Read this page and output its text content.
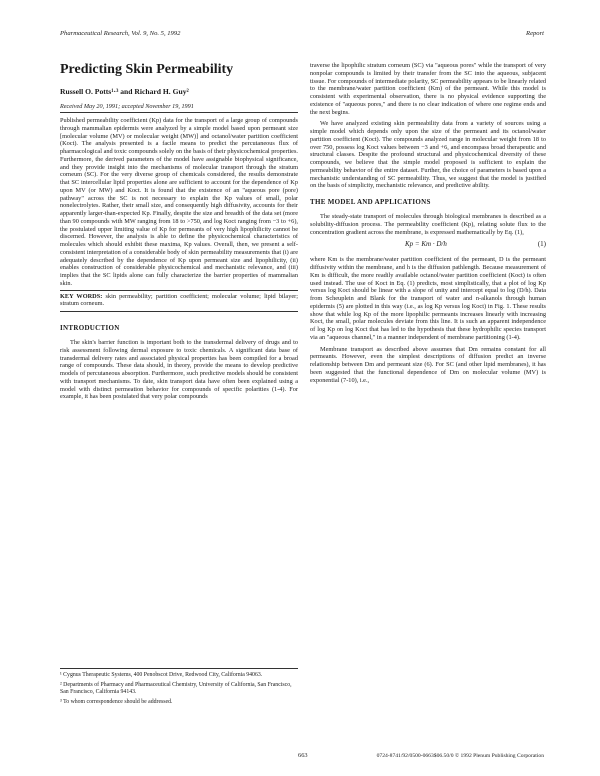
Pharmaceutical Research, Vol. 9, No. 5, 1992	Report
Predicting Skin Permeability
Russell O. Potts¹·³ and Richard H. Guy²
Received May 20, 1991; accepted November 19, 1991

Published permeability coefficient (Kp) data for the transport of a large group of compounds through mammalian epidermis were analyzed by a simple model based upon permeant size [molecular volume (MV) or molecular weight (MW)] and octanol/water partition coefficient (Koct). The analysis presented is a facile means to predict the percutaneous flux of pharmacological and toxic compounds solely on the basis of their physicochemical properties. Furthermore, the derived parameters of the model have assignable biophysical significance, and they provide insight into the mechanisms of molecular transport through the stratum corneum (SC). For the very diverse group of chemicals considered, the results demonstrate that SC intercellular lipid properties alone are sufficient to account for the dependence of Kp upon MV (or MW) and Koct. It is found that the existence of an "aqueous pore (pore) pathway" across the SC is not necessary to explain the Kp values of small, polar nonelectrolytes. Rather, their small size, and consequently high diffusivity, accounts for their apparently larger-than-expected Kp. Finally, despite the size and breadth of the data set (more than 90 compounds with MW ranging from 18 to >750, and log Koct ranging from −3 to +6), the postulated upper limiting value of Kp for permeants of very high lipophilicity cannot be discerned. However, the analysis is able to define the physicochemical characteristics of molecules which should exhibit these maxima, Kp values. Overall, then, we present a self-consistent interpretation of a considerable body of skin permeability measurements that (i) are adequately described by the dependence of Kp upon permeant size and lipophilicity, (ii) enables construction of considerable physicochemical and mechanistic relevance, and (iii) implies that the SC lipids alone can fully characterize the barrier properties of mammalian skin.

KEY WORDS: skin permeability; partition coefficient; molecular volume; lipid bilayer; stratum corneum.

INTRODUCTION

The skin's barrier function is important both to the transdermal delivery of drugs and to risk assessment following dermal exposure to toxic chemicals. A significant data base of transdermal delivery rates and associated physical properties has been compiled for a broad range of compounds. These data should, in theory, provide the means to develop predictive models of percutaneous absorption. Furthermore, such predictive models should be consistent with transport mechanisms. To date, skin transport data have often been explained using a model with distinct permeation behavior for compounds of specific polarities (1-4). For example, it has been postulated that very polar compounds

¹ Cygnus Therapeutic Systems, 400 Penobscot Drive, Redwood City, California 94063.

² Departments of Pharmacy and Pharmaceutical Chemistry, University of California, San Francisco, San Francisco, California 94143.

³ To whom correspondence should be addressed.

traverse the lipophilic stratum corneum (SC) via "aqueous pores" while the transport of very nonpolar compounds is limited by their transfer from the SC into the aqueous, subjacent tissue. For compounds of intermediate polarity, SC permeability appears to be linearly related to the membrane/water partition coefficient (Km) of the permeant. While this model is consistent with experimental observation, there is no physical evidence supporting the existence of "aqueous pores," and there is no clear indication of where one regime ends and the next begins.

We have analyzed existing skin permeability data from a variety of sources using a simple model which depends only upon the size of the permeant and its octanol/water partition coefficient (Koct). The compounds analyzed range in molecular weight from 18 to over 750, possess log Koct values between −3 and +6, and encompass broad therapeutic and structural classes. Despite the profound structural and physicochemical diversity of these compounds, we believe that the simple model proposed is sufficient to explain the permeability behavior of the entire dataset. Further, the choice of parameters is based upon a mechanistic understanding of SC permeability. Thus, we suggest that the model is justified on the basis of simplicity, mechanistic relevance, and predictive ability.

THE MODEL AND APPLICATIONS

The steady-state transport of molecules through biological membranes is described as a solubility-diffusion process. The permeability coefficient (Kp), relating solute flux to the concentration gradient across the membrane, is expressed mathematically by Eq. (1),

Kp = Km · D/h	(1)

where Km is the membrane/water partition coefficient of the permeant, D is the permeant diffusivity within the membrane, and h is the diffusion pathlength. Because measurement of Km is difficult, the more readily available octanol/water partition coefficient (Koct) is often used instead. The use of Koct in Eq. (1) predicts, most simplistically, that a plot of log Kp versus log Koct should be linear with a slope of unity and intercept equal to log (D/h). Data from Scheuplein and Blank for the transport of water and n-alkanols through human epidermis (5) are plotted in this way (i.e., as log Kp versus log Koct) in Fig. 1. These results show that while log Kp of the more lipophilic permeants increases linearly with increasing Koct, the small, polar molecules deviate from this line. It is such an apparent independence of log Kp on log Koct that has led to the hypothesis that these hydrophilic species transport via an "aqueous channel," in a manner independent of membrane partitioning (1-4).

Membrane transport as described above assumes that Dm remains constant for all permeants. However, even the simplest descriptions of diffusion predict an inverse relationship between Dm and permeant size (6). For SC (and other lipid membranes), it has been suggested that the functional dependence of Dm on molecular volume (MV) is exponential (7-10), i.e.,

663	0724-8741/92/0500-0663$06.50/0 © 1992 Plenum Publishing Corporation
